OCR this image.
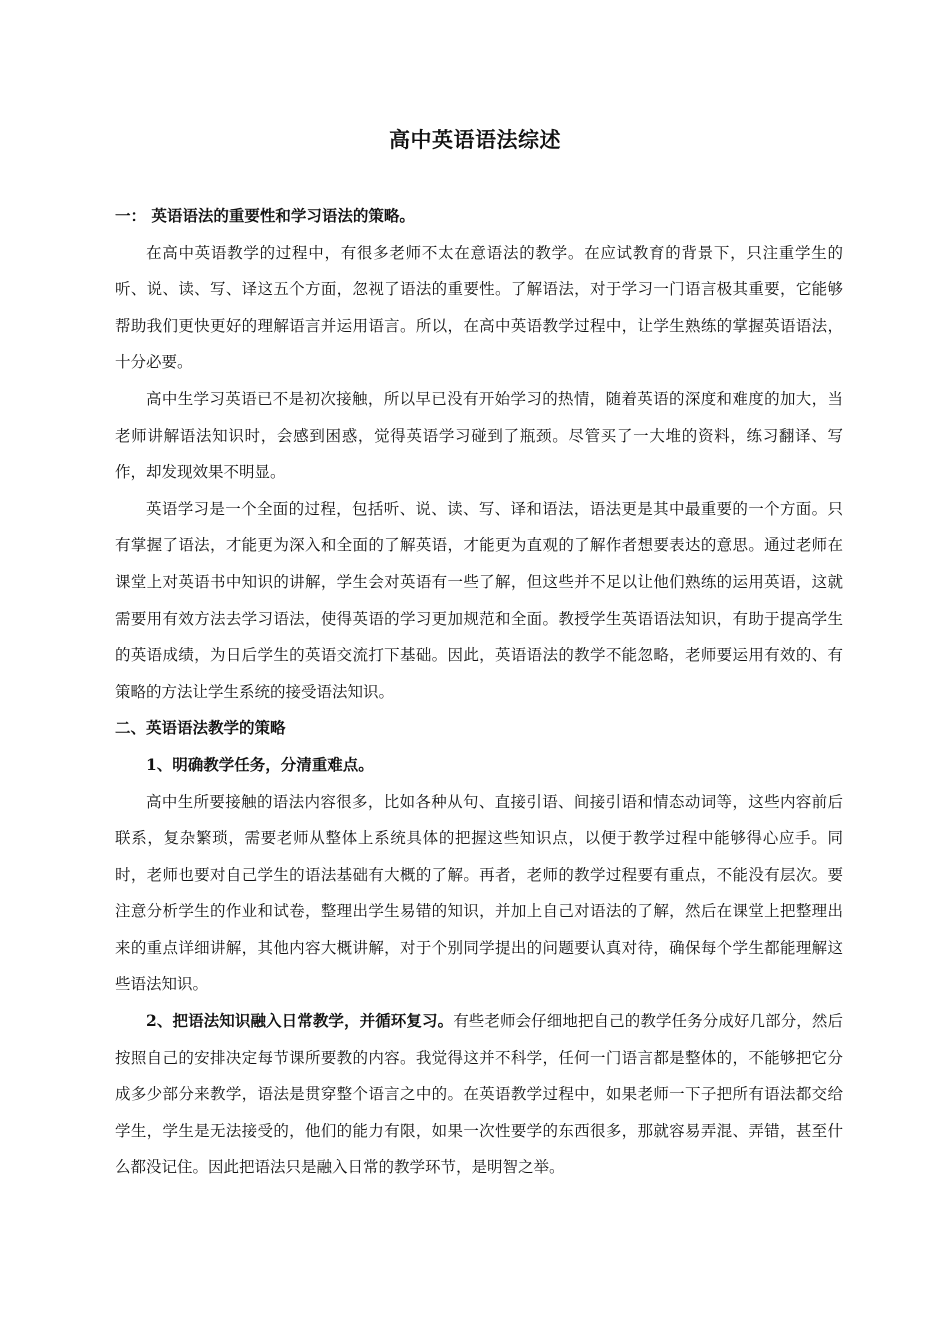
高中英语语法综述

一： 英语语法的重要性和学习语法的策略。

在高中英语教学的过程中，有很多老师不太在意语法的教学。在应试教育的背景下，只注重学生的听、说、读、写、译这五个方面，忽视了语法的重要性。了解语法，对于学习一门语言极其重要，它能够帮助我们更快更好的理解语言并运用语言。所以，在高中英语教学过程中，让学生熟练的掌握英语语法，十分必要。

高中生学习英语已不是初次接触，所以早已没有开始学习的热情，随着英语的深度和难度的加大，当老师讲解语法知识时，会感到困惑，觉得英语学习碰到了瓶颈。尽管买了一大堆的资料，练习翻译、写作，却发现效果不明显。

英语学习是一个全面的过程，包括听、说、读、写、译和语法，语法更是其中最重要的一个方面。只有掌握了语法，才能更为深入和全面的了解英语，才能更为直观的了解作者想要表达的意思。通过老师在课堂上对英语书中知识的讲解，学生会对英语有一些了解，但这些并不足以让他们熟练的运用英语，这就需要用有效方法去学习语法，使得英语的学习更加规范和全面。教授学生英语语法知识，有助于提高学生的英语成绩，为日后学生的英语交流打下基础。因此，英语语法的教学不能忽略，老师要运用有效的、有策略的方法让学生系统的接受语法知识。

二、英语语法教学的策略

1、明确教学任务，分清重难点。

高中生所要接触的语法内容很多，比如各种从句、直接引语、间接引语和情态动词等，这些内容前后联系，复杂繁琐，需要老师从整体上系统具体的把握这些知识点，以便于教学过程中能够得心应手。同时，老师也要对自己学生的语法基础有大概的了解。再者，老师的教学过程要有重点，不能没有层次。要注意分析学生的作业和试卷，整理出学生易错的知识，并加上自己对语法的了解，然后在课堂上把整理出来的重点详细讲解，其他内容大概讲解，对于个别同学提出的问题要认真对待，确保每个学生都能理解这些语法知识。

2、把语法知识融入日常教学，并循环复习。有些老师会仔细地把自己的教学任务分成好几部分，然后按照自己的安排决定每节课所要教的内容。我觉得这并不科学，任何一门语言都是整体的，不能够把它分成多少部分来教学，语法是贯穿整个语言之中的。在英语教学过程中，如果老师一下子把所有语法都交给学生，学生是无法接受的，他们的能力有限，如果一次性要学的东西很多，那就容易弄混、弄错，甚至什么都没记住。因此把语法只是融入日常的教学环节，是明智之举。
